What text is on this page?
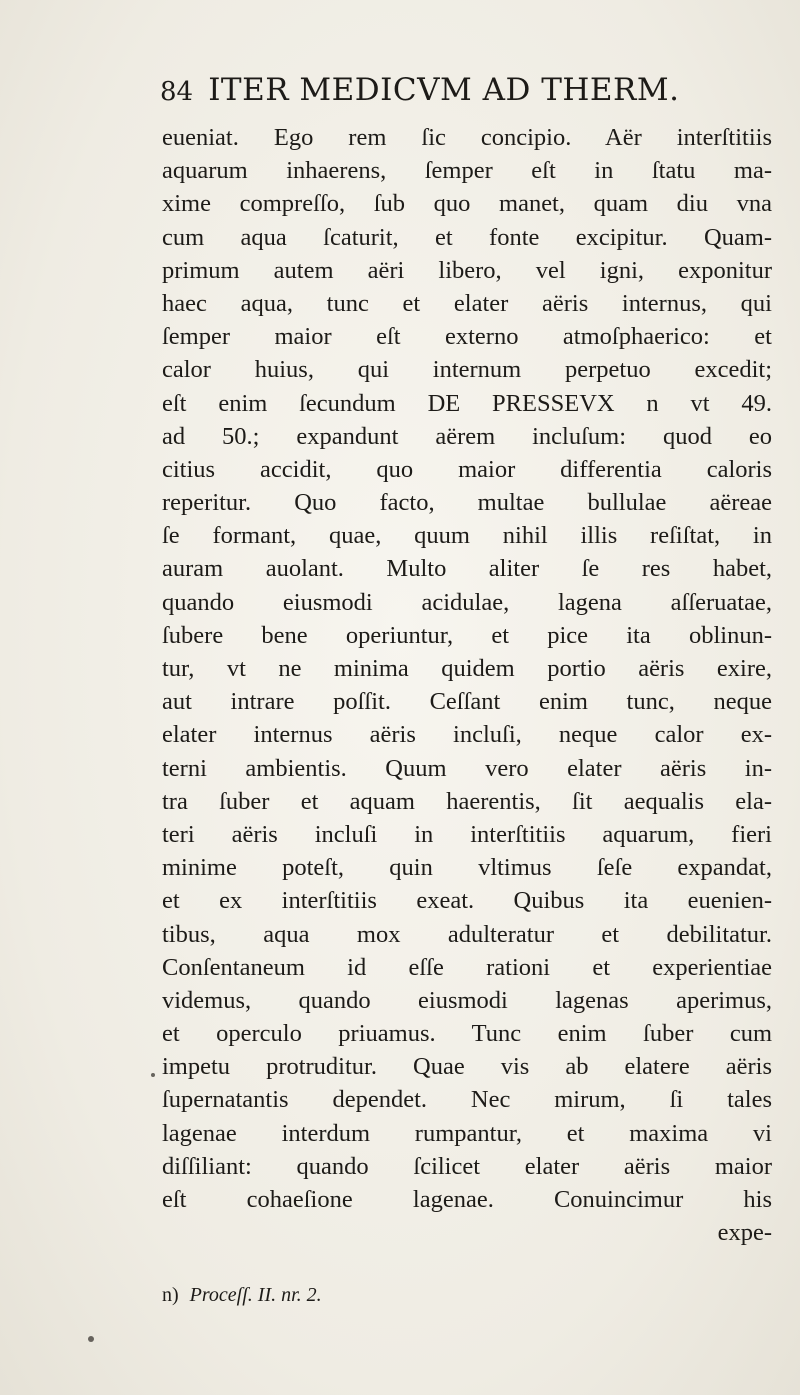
84 ITER MEDICVM AD THERM.
eueniat. Ego rem ſic concipio. Aër interſtitiis
aquarum inhaerens, ſemper eſt in ſtatu ma-
xime compreſſo, ſub quo manet, quam diu vna
cum aqua ſcaturit, et fonte excipitur. Quam-
primum autem aëri libero, vel igni, exponitur
haec aqua, tunc et elater aëris internus, qui
ſemper maior eſt externo atmoſphaerico: et
calor huius, qui internum perpetuo excedit;
eſt enim ſecundum DE PRESSEVX n vt 49.
ad 50.; expandunt aërem incluſum: quod eo
citius accidit, quo maior differentia caloris
reperitur. Quo facto, multae bullulae aëreae
ſe formant, quae, quum nihil illis reſiſtat, in
auram auolant. Multo aliter ſe res habet,
quando eiusmodi acidulae, lagena aſſeruatae,
ſubere bene operiuntur, et pice ita oblinun-
tur, vt ne minima quidem portio aëris exire,
aut intrare poſſit. Ceſſant enim tunc, neque
elater internus aëris incluſi, neque calor ex-
terni ambientis. Quum vero elater aëris in-
tra ſuber et aquam haerentis, ſit aequalis ela-
teri aëris incluſi in interſtitiis aquarum, fieri
minime poteſt, quin vltimus ſeſe expandat,
et ex interſtitiis exeat. Quibus ita euenien-
tibus, aqua mox adulteratur et debilitatur.
Conſentaneum id eſſe rationi et experientiae
videmus, quando eiusmodi lagenas aperimus,
et operculo priuamus. Tunc enim ſuber cum
impetu protruditur. Quae vis ab elatere aëris
ſupernatantis dependet. Nec mirum, ſi tales
lagenae interdum rumpantur, et maxima vi
diſſiliant: quando ſcilicet elater aëris maior
eſt cohaeſione lagenae. Conuincimur his
expe-
n) Proceſſ. II. nr. 2.
